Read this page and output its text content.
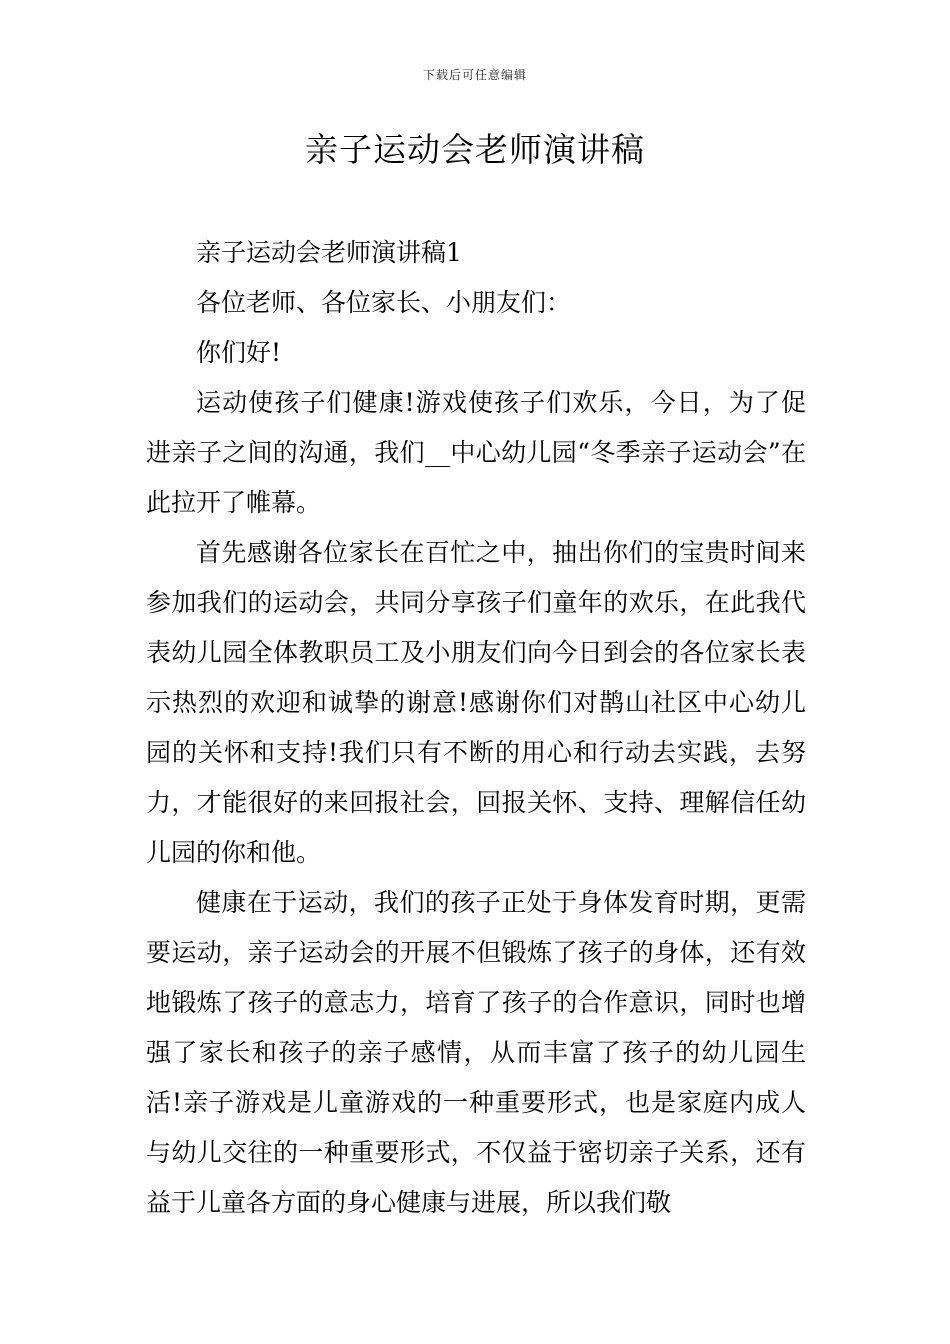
下载后可任意编辑
亲子运动会老师演讲稿

亲子运动会老师演讲稿1

各位老师、各位家长、小朋友们：

你们好!

运动使孩子们健康!游戏使孩子们欢乐，今日，为了促进亲子之间的沟通，我们__中心幼儿园“冬季亲子运动会”在此拉开了帷幕。

首先感谢各位家长在百忙之中，抽出你们的宝贵时间来参加我们的运动会，共同分享孩子们童年的欢乐，在此我代表幼儿园全体教职员工及小朋友们向今日到会的各位家长表示热烈的欢迎和诚挚的谢意!感谢你们对鹊山社区中心幼儿园的关怀和支持!我们只有不断的用心和行动去实践，去努力，才能很好的来回报社会，回报关怀、支持、理解信任幼儿园的你和他。

健康在于运动，我们的孩子正处于身体发育时期，更需要运动，亲子运动会的开展不但锻炼了孩子的身体，还有效地锻炼了孩子的意志力，培育了孩子的合作意识，同时也增强了家长和孩子的亲子感情，从而丰富了孩子的幼儿园生活!亲子游戏是儿童游戏的一种重要形式，也是家庭内成人与幼儿交往的一种重要形式，不仅益于密切亲子关系，还有益于儿童各方面的身心健康与进展，所以我们敬
